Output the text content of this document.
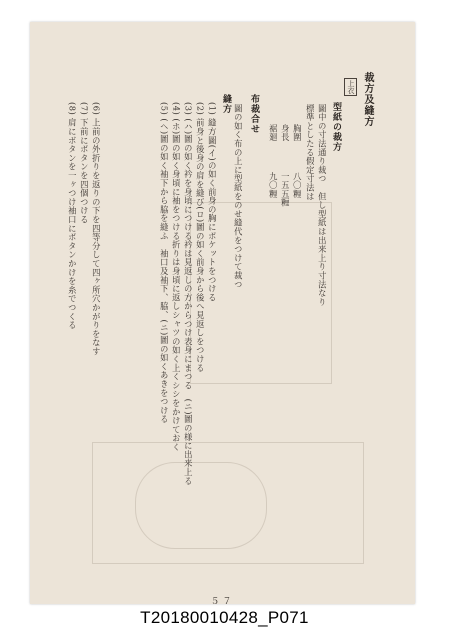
裁方及縫方
上衣
型紙の裁方
圖中の寸法通り裁つ　但し型紙は出来上り寸法なり
標準としたる假定寸法は
胸圍
身長
裾廻
八〇糎
一五五糎
九〇糎
布裁合せ
圖の如く布の上に型紙をのせ縫代をつけて裁つ
縫方
(1) 縫方圖(イ)の如く前身の胸にポケットをつける
(2) 前身と後身の肩を縫び(ロ)圖の如く前身から後へ見返しをつける
(3) (ハ)圖の如く衿を身頃につける衿は見返しの方からつけ表身にまつる　(ニ)圖の様に出来上る
(4) (ホ)圖の如く身頃に袖をつける折りは身頃に返しシャツの如く上くシシをかけておく
(5) (ヘ)圖の如く袖下から脇を縫ふ　袖口及袖下、脇、(ニ)圖の如くあきをつける
(6) 上前の外折りを返りの下を四等分して四ヶ所穴かがりをなす
(7) 下前にボタンを四個つける
(8) 肩にボタンを一ヶつけ袖口にボタンかけを糸でつくる
５７
T20180010428_P071
